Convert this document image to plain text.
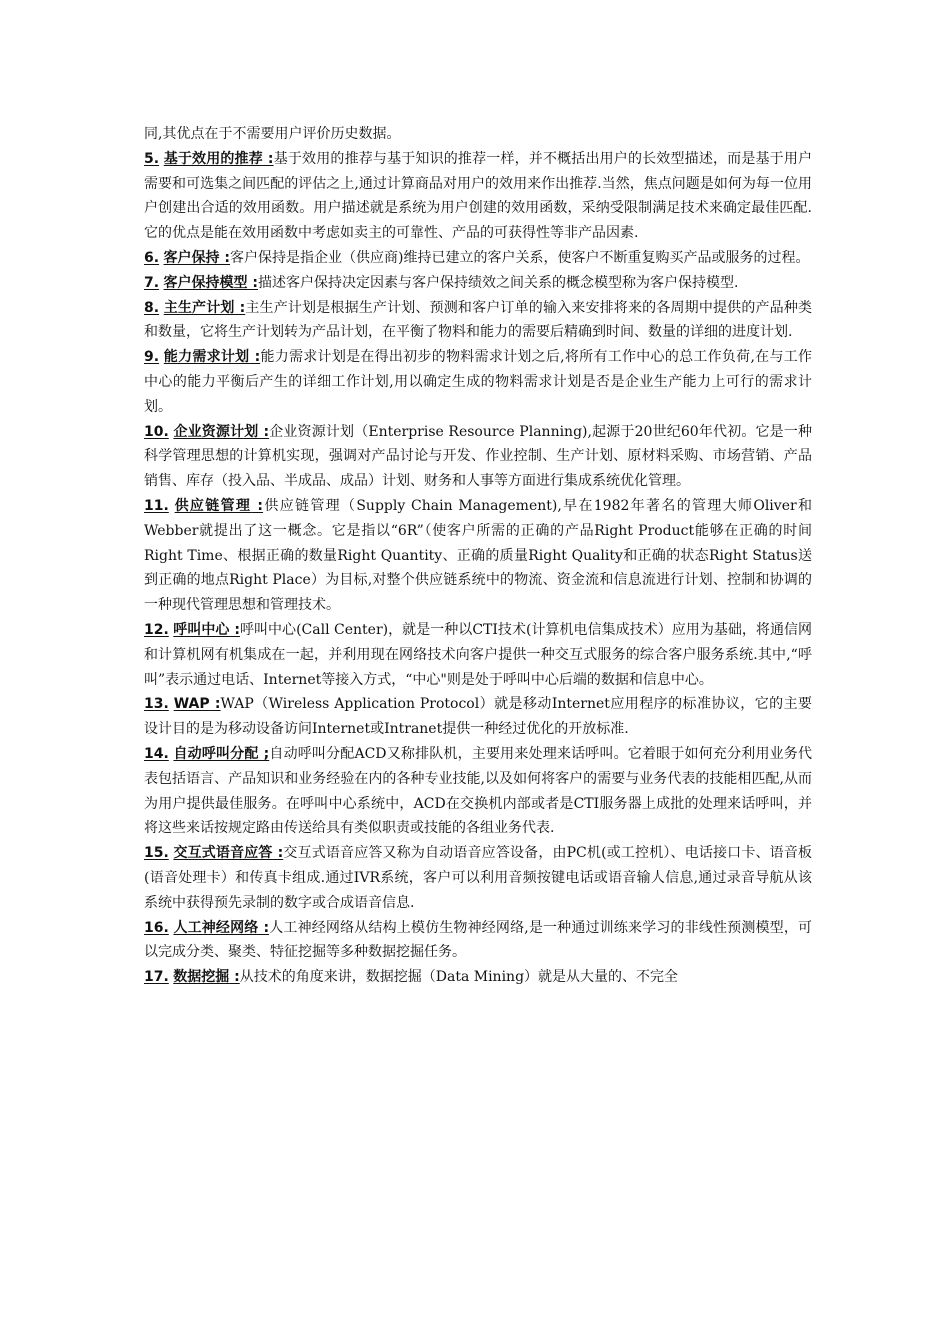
同,其优点在于不需要用户评价历史数据。

5. 基于效用的推荐 :基于效用的推荐与基于知识的推荐一样，并不概括出用户的长效型描述，而是基于用户需要和可选集之间匹配的评估之上,通过计算商品对用户的效用来作出推荐.当然，焦点问题是如何为每一位用户创建出合适的效用函数。用户描述就是系统为用户创建的效用函数，采纳受限制满足技术来确定最佳匹配.它的优点是能在效用函数中考虑如卖主的可靠性、产品的可获得性等非产品因素.

6. 客户保持 :客户保持是指企业（供应商)维持已建立的客户关系，使客户不断重复购买产品或服务的过程。

7. 客户保持模型 :描述客户保持决定因素与客户保持绩效之间关系的概念模型称为客户保持模型.

8. 主生产计划 :主生产计划是根据生产计划、预测和客户订单的输入来安排将来的各周期中提供的产品种类和数量，它将生产计划转为产品计划，在平衡了物料和能力的需要后精确到时间、数量的详细的进度计划.

9. 能力需求计划 :能力需求计划是在得出初步的物料需求计划之后,将所有工作中心的总工作负荷,在与工作中心的能力平衡后产生的详细工作计划,用以确定生成的物料需求计划是否是企业生产能力上可行的需求计划。

10. 企业资源计划 :企业资源计划（Enterprise Resource Planning),起源于20世纪60年代初。它是一种科学管理思想的计算机实现，强调对产品讨论与开发、作业控制、生产计划、原材料采购、市场营销、产品销售、库存（投入品、半成品、成品）计划、财务和人事等方面进行集成系统优化管理。

11. 供应链管理 :供应链管理（Supply Chain Management),早在1982年著名的管理大师Oliver和Webber就提出了这一概念。它是指以“6R”（使客户所需的正确的产品Right Product能够在正确的时间Right Time、根据正确的数量Right Quantity、正确的质量Right Quality和正确的状态Right Status送到正确的地点Right Place）为目标,对整个供应链系统中的物流、资金流和信息流进行计划、控制和协调的一种现代管理思想和管理技术。

12. 呼叫中心 :呼叫中心(Call Center)，就是一种以CTI技术(计算机电信集成技术）应用为基础，将通信网和计算机网有机集成在一起，并利用现在网络技术向客户提供一种交互式服务的综合客户服务系统.其中,“呼叫”表示通过电话、Internet等接入方式，“中心"则是处于呼叫中心后端的数据和信息中心。

13. WAP :WAP（Wireless Application Protocol）就是移动Internet应用程序的标准协议，它的主要设计目的是为移动设备访问Internet或Intranet提供一种经过优化的开放标准.

14. 自动呼叫分配 ;自动呼叫分配ACD又称排队机，主要用来处理来话呼叫。它着眼于如何充分利用业务代表包括语言、产品知识和业务经验在内的各种专业技能,以及如何将客户的需要与业务代表的技能相匹配,从而为用户提供最佳服务。在呼叫中心系统中，ACD在交换机内部或者是CTI服务器上成批的处理来话呼叫，并将这些来话按规定路由传送给具有类似职责或技能的各组业务代表.

15. 交互式语音应答 :交互式语音应答又称为自动语音应答设备，由PC机(或工控机）、电话接口卡、语音板(语音处理卡）和传真卡组成.通过IVR系统，客户可以利用音频按键电话或语音输人信息,通过录音导航从该系统中获得预先录制的数字或合成语音信息.

16. 人工神经网络 :人工神经网络从结构上模仿生物神经网络,是一种通过训练来学习的非线性预测模型，可以完成分类、聚类、特征挖掘等多种数据挖掘任务。

17. 数据挖掘 :从技术的角度来讲，数据挖掘（Data Mining）就是从大量的、不完全
